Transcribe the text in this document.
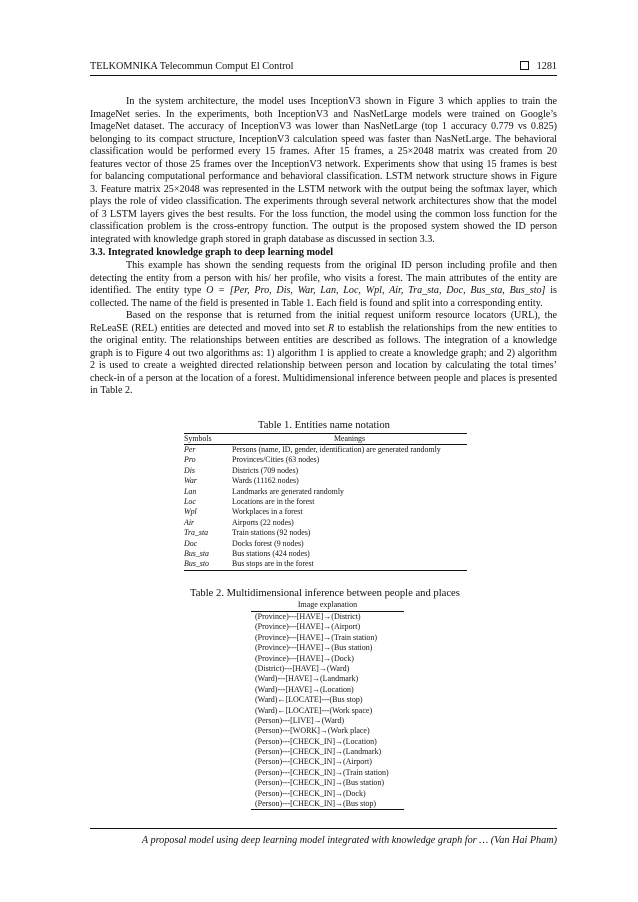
TELKOMNIKA Telecommun Comput El Control	1281

In the system architecture, the model uses InceptionV3 shown in Figure 3 which applies to train the ImageNet series. In the experiments, both InceptionV3 and NasNetLarge models were trained on Google’s ImageNet dataset. The accuracy of InceptionV3 was lower than NasNetLarge (top 1 accuracy 0.779 vs 0.825) belonging to its compact structure, InceptionV3 calculation speed was faster than NasNetLarge. The behavioral classification would be performed every 15 frames. After 15 frames, a 25×2048 matrix was created from 20 features vector of those 25 frames over the InceptionV3 network. Experiments show that using 15 frames is best for balancing computational performance and behavioral classification. LSTM network structure shows in Figure 3. Feature matrix 25×2048 was represented in the LSTM network with the output being the softmax layer, which plays the role of video classification. The experiments through several network architectures show that the model of 3 LSTM layers gives the best results. For the loss function, the model using the common loss function for the classification problem is the cross-entropy function. The output is the proposed system showed the ID person integrated with knowledge graph stored in graph database as discussed in section 3.3.

3.3. Integrated knowledge graph to deep learning model

This example has shown the sending requests from the original ID person including profile and then detecting the entity from a person with his/ her profile, who visits a forest. The main attributes of the entity are identified. The entity type O = [Per, Pro, Dis, War, Lan, Loc, Wpl, Air, Tra_sta, Doc, Bus_sta, Bus_sto] is collected. The name of the field is presented in Table 1. Each field is found and split into a corresponding entity.

Based on the response that is returned from the initial request uniform resource locators (URL), the ReLeaSE (REL) entities are detected and moved into set R to establish the relationships from the new entities to the original entity. The relationships between entities are described as follows. The integration of a knowledge graph is to Figure 4 out two algorithms as: 1) algorithm 1 is applied to create a knowledge graph; and 2) algorithm 2 is used to create a weighted directed relationship between person and location by calculating the total times’ check-in of a person at the location of a forest. Multidimensional inference between people and places is presented in Table 2.

Table 1. Entities name notation
Symbols	Meanings
Per	Persons (name, ID, gender, identification) are generated randomly
Pro	Provinces/Cities (63 nodes)
Dis	Districts (709 nodes)
War	Wards (11162 nodes)
Lan	Landmarks are generated randomly
Loc	Locations are in the forest
Wpl	Workplaces in a forest
Air	Airports (22 nodes)
Tra_sta	Train stations (92 nodes)
Doc	Docks forest (9 nodes)
Bus_sta	Bus stations (424 nodes)
Bus_sto	Bus stops are in the forest
Table 2. Multidimensional inference between people and places
Image explanation
(Province)---[HAVE]→(District)
(Province)---[HAVE]→(Airport)
(Province)---[HAVE]→(Train station)
(Province)---[HAVE]→(Bus station)
(Province)---[HAVE]→(Dock)
(District)---[HAVE]→(Ward)
(Ward)---[HAVE]→(Landmark)
(Ward)---[HAVE]→(Location)
(Ward)←[LOCATE]---(Bus stop)
(Ward)←[LOCATE]---(Work space)
(Person)---[LIVE]→(Ward)
(Person)---[WORK]→(Work place)
(Person)---[CHECK_IN]→(Location)
(Person)---[CHECK_IN]→(Landmark)
(Person)---[CHECK_IN]→(Airport)
(Person)---[CHECK_IN]→(Train station)
(Person)---[CHECK_IN]→(Bus station)
(Person)---[CHECK_IN]→(Dock)
(Person)---[CHECK_IN]→(Bus stop)
A proposal model using deep learning model integrated with knowledge graph for … (Van Hai Pham)
